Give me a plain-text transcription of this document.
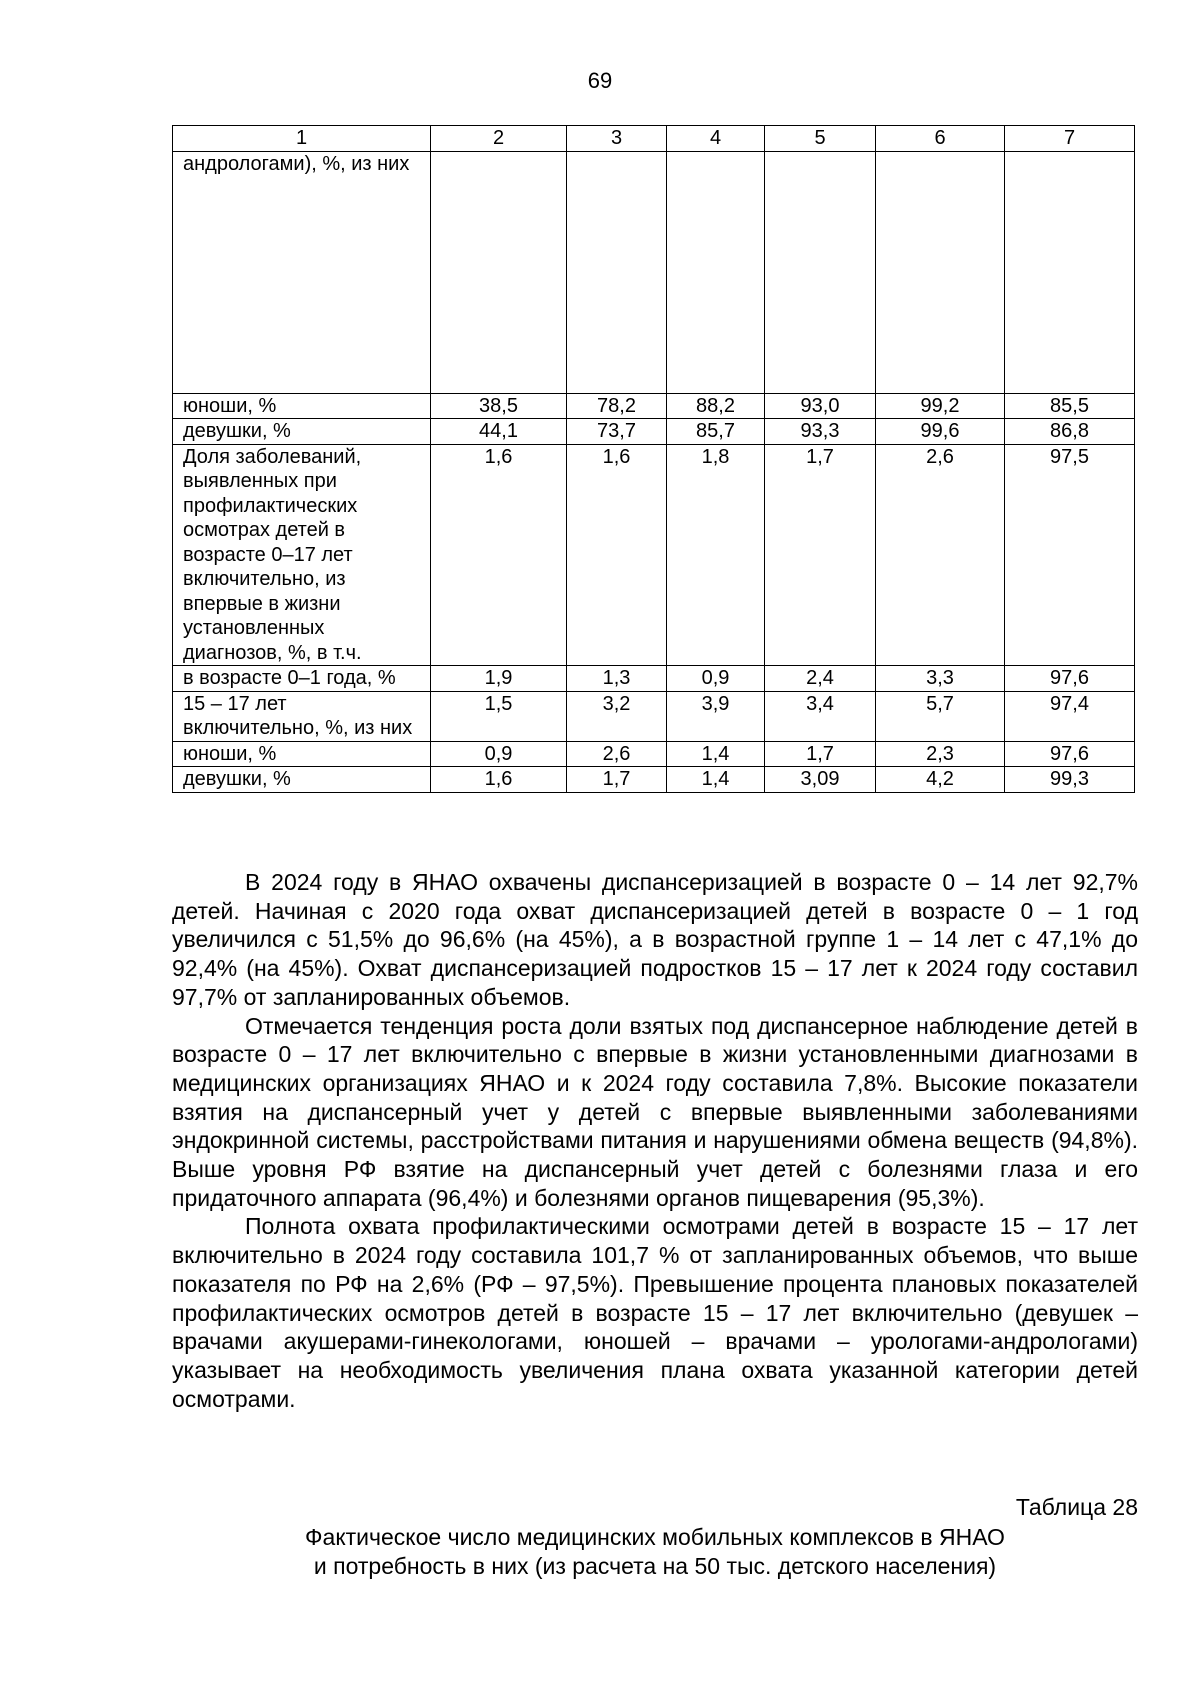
69
1	2	3	4	5	6	7
андрологами), %, из них						
юноши, %	38,5	78,2	88,2	93,0	99,2	85,5
девушки, %	44,1	73,7	85,7	93,3	99,6	86,8
Доля заболеваний, выявленных при профилактических осмотрах детей в возрасте 0–17 лет включительно, из впервые в жизни установленных диагнозов, %, в т.ч.	1,6	1,6	1,8	1,7	2,6	97,5
в возрасте 0–1 года, %	1,9	1,3	0,9	2,4	3,3	97,6
15 – 17 лет включительно, %, из них	1,5	3,2	3,9	3,4	5,7	97,4
юноши, %	0,9	2,6	1,4	1,7	2,3	97,6
девушки, %	1,6	1,7	1,4	3,09	4,2	99,3

В 2024 году в ЯНАО охвачены диспансеризацией в возрасте 0 – 14 лет 92,7% детей. Начиная с 2020 года охват диспансеризацией детей в возрасте 0 – 1 год увеличился с 51,5% до 96,6% (на 45%), а в возрастной группе 1 – 14 лет с 47,1% до 92,4% (на 45%). Охват диспансеризацией подростков 15 – 17 лет к 2024 году составил 97,7% от запланированных объемов.

Отмечается тенденция роста доли взятых под диспансерное наблюдение детей в возрасте 0 – 17 лет включительно с впервые в жизни установленными диагнозами в медицинских организациях ЯНАО и к 2024 году составила 7,8%. Высокие показатели взятия на диспансерный учет у детей с впервые выявленными заболеваниями эндокринной системы, расстройствами питания и нарушениями обмена веществ (94,8%). Выше уровня РФ взятие на диспансерный учет детей с болезнями глаза и его придаточного аппарата (96,4%) и болезнями органов пищеварения (95,3%).

Полнота охвата профилактическими осмотрами детей в возрасте 15 – 17 лет включительно в 2024 году составила 101,7 % от запланированных объемов, что выше показателя по РФ на 2,6% (РФ – 97,5%). Превышение процента плановых показателей профилактических осмотров детей в возрасте 15 – 17 лет включительно (девушек – врачами акушерами-гинекологами, юношей – врачами – урологами-андрологами) указывает на необходимость увеличения плана охвата указанной категории детей осмотрами.

Таблица 28
Фактическое число медицинских мобильных комплексов в ЯНАО
и потребность в них (из расчета на 50 тыс. детского населения)
